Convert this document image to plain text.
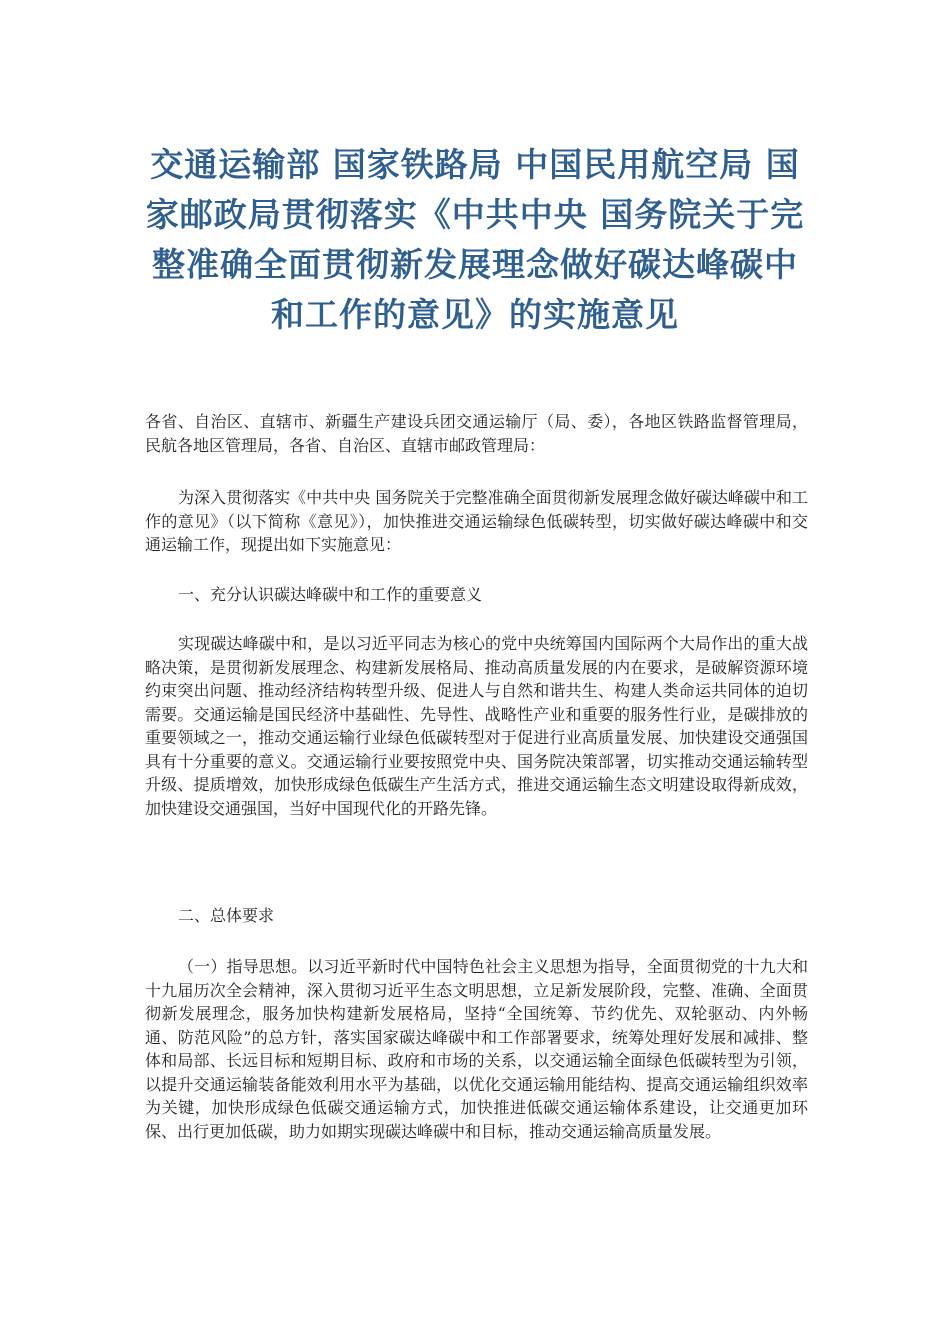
交通运输部 国家铁路局 中国民用航空局 国家邮政局贯彻落实《中共中央 国务院关于完整准确全面贯彻新发展理念做好碳达峰碳中和工作的意见》的实施意见

各省、自治区、直辖市、新疆生产建设兵团交通运输厅（局、委），各地区铁路监督管理局，民航各地区管理局，各省、自治区、直辖市邮政管理局：

为深入贯彻落实《中共中央 国务院关于完整准确全面贯彻新发展理念做好碳达峰碳中和工作的意见》（以下简称《意见》），加快推进交通运输绿色低碳转型，切实做好碳达峰碳中和交通运输工作，现提出如下实施意见：

一、充分认识碳达峰碳中和工作的重要意义

实现碳达峰碳中和，是以习近平同志为核心的党中央统筹国内国际两个大局作出的重大战略决策，是贯彻新发展理念、构建新发展格局、推动高质量发展的内在要求，是破解资源环境约束突出问题、推动经济结构转型升级、促进人与自然和谐共生、构建人类命运共同体的迫切需要。交通运输是国民经济中基础性、先导性、战略性产业和重要的服务性行业，是碳排放的重要领域之一，推动交通运输行业绿色低碳转型对于促进行业高质量发展、加快建设交通强国具有十分重要的意义。交通运输行业要按照党中央、国务院决策部署，切实推动交通运输转型升级、提质增效，加快形成绿色低碳生产生活方式，推进交通运输生态文明建设取得新成效，加快建设交通强国，当好中国现代化的开路先锋。

二、总体要求

（一）指导思想。以习近平新时代中国特色社会主义思想为指导，全面贯彻党的十九大和十九届历次全会精神，深入贯彻习近平生态文明思想，立足新发展阶段，完整、准确、全面贯彻新发展理念，服务加快构建新发展格局，坚持“全国统筹、节约优先、双轮驱动、内外畅通、防范风险”的总方针，落实国家碳达峰碳中和工作部署要求，统筹处理好发展和减排、整体和局部、长远目标和短期目标、政府和市场的关系，以交通运输全面绿色低碳转型为引领，以提升交通运输装备能效利用水平为基础，以优化交通运输用能结构、提高交通运输组织效率为关键，加快形成绿色低碳交通运输方式，加快推进低碳交通运输体系建设，让交通更加环保、出行更加低碳，助力如期实现碳达峰碳中和目标，推动交通运输高质量发展。
